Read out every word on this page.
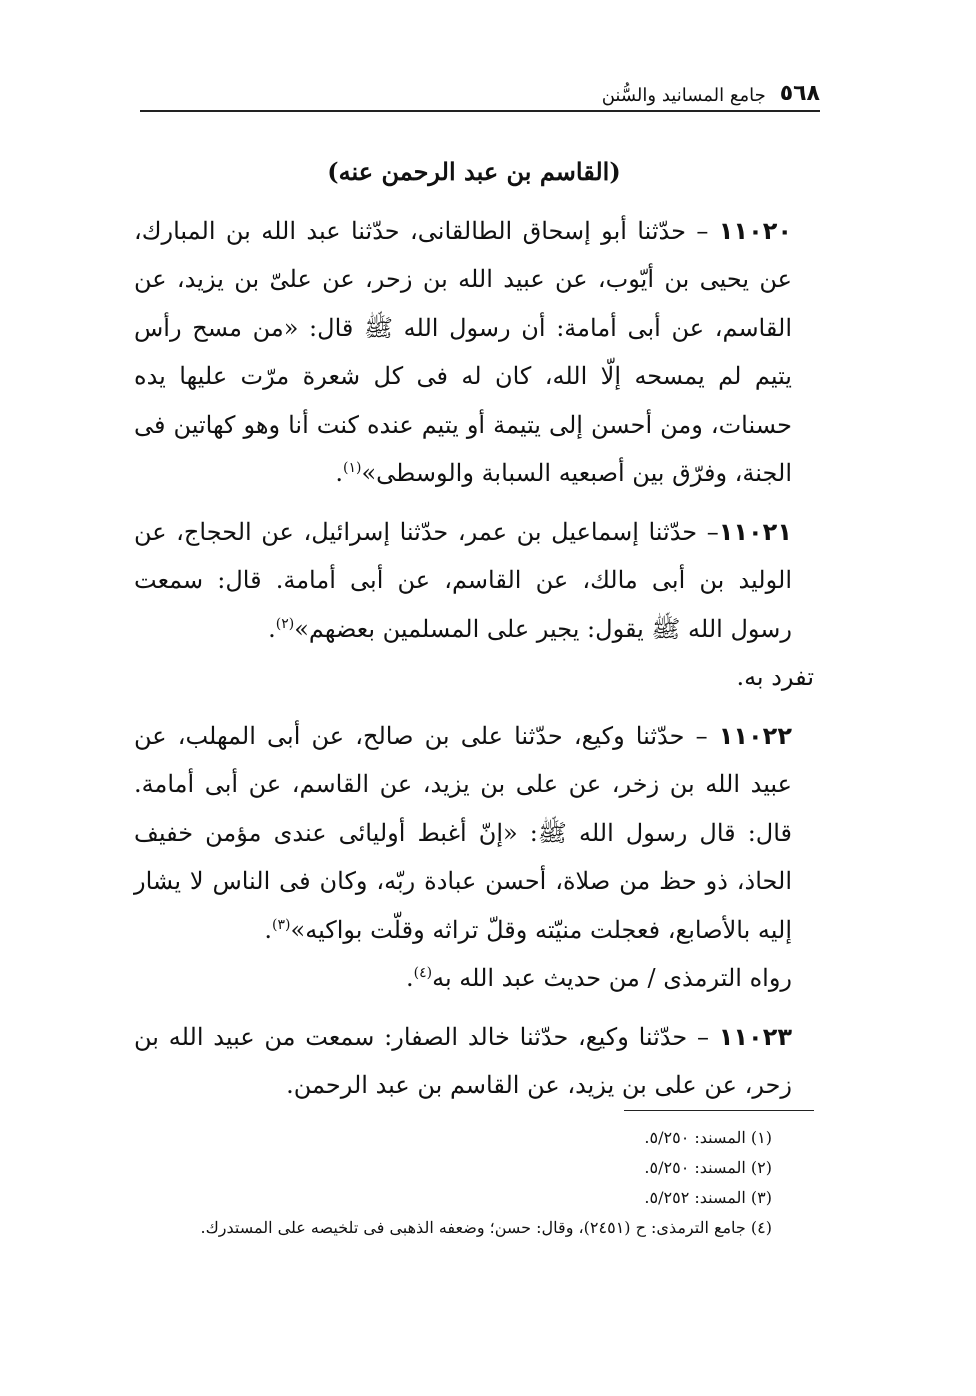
٥٦٨
جامع المسانيد والسُّنن

(القاسم بن عبد الرحمن عنه)

١١٠٢٠ – حدّثنا أبو إسحاق الطالقانى، حدّثنا عبد الله بن المبارك، عن يحيى بن أيّوب، عن عبيد الله بن زحر، عن علىّ بن يزيد، عن القاسم، عن أبى أمامة: أن رسول الله ﷺ قال: «من مسح رأس يتيم لم يمسحه إلّا الله، كان له فى كل شعرة مرّت عليها يده حسنات، ومن أحسن إلى يتيمة أو يتيم عنده كنت أنا وهو كهاتين فى الجنة، وفرّق بين أصبعيه السبابة والوسطى»$^{(١)}$.

١١٠٢١– حدّثنا إسماعيل بن عمر، حدّثنا إسرائيل، عن الحجاج، عن الوليد بن أبى مالك، عن القاسم، عن أبى أمامة. قال: سمعت رسول الله ﷺ يقول: يجير على المسلمين بعضهم»$^{(٢)}$.

تفرد به.

١١٠٢٢ – حدّثنا وكيع، حدّثنا على بن صالح، عن أبى المهلب، عن عبيد الله بن زخر، عن على بن يزيد، عن القاسم، عن أبى أمامة. قال: قال رسول الله ﷺ: «إنّ أغبط أوليائى عندى مؤمن خفيف الحاذ، ذو حظ من صلاة، أحسن عبادة ربّه، وكان فى الناس لا يشار إليه بالأصابع، فعجلت منيّته وقلّ تراثه وقلّت بواكيه»$^{(٣)}$.

رواه الترمذى / من حديث عبد الله به$^{(٤)}$.

١١٠٢٣ – حدّثنا وكيع، حدّثنا خالد الصفار: سمعت من عبيد الله بن زحر، عن على بن يزيد، عن القاسم بن عبد الرحمن.

(١) المسند: ٥/٢٥٠.

(٢) المسند: ٥/٢٥٠.

(٣) المسند: ٥/٢٥٢.

(٤) جامع الترمذى: ح (٢٤٥١)، وقال: حسن؛ وضعفه الذهبى فى تلخيصه على المستدرك.
